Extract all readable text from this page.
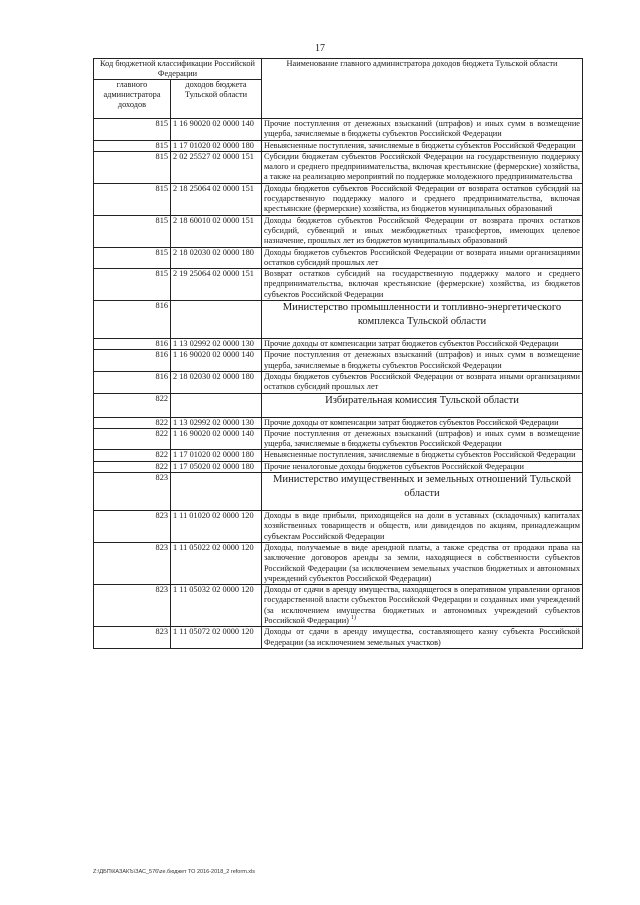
17
Код бюджетной классификации Российской Федерации		Наименование главного администратора доходов бюджета Тульской области
главного администратора доходов	доходов бюджета Тульской области	
815	1 16 90020 02 0000 140	Прочие поступления от денежных взысканий (штрафов) и иных сумм в возмещение ущерба, зачисляемые в бюджеты субъектов Российской Федерации
815	1 17 01020 02 0000 180	Невыясненные поступления, зачисляемые в бюджеты субъектов Российской Федерации
815	2 02 25527 02 0000 151	Субсидии бюджетам субъектов Российской Федерации на государственную поддержку малого и среднего предпринимательства, включая крестьянские (фермерские) хозяйства, а также на реализацию мероприятий по поддержке молодежного предпринимательства
815	2 18 25064 02 0000 151	Доходы бюджетов субъектов Российской Федерации от возврата остатков субсидий на государственную поддержку малого и среднего предпринимательства, включая крестьянские (фермерские) хозяйства, из бюджетов муниципальных образований
815	2 18 60010 02 0000 151	Доходы бюджетов субъектов Российской Федерации от возврата прочих остатков субсидий, субвенций и иных межбюджетных трансфертов, имеющих целевое назначение, прошлых лет из бюджетов муниципальных образований
815	2 18 02030 02 0000 180	Доходы бюджетов субъектов Российской Федерации от возврата иными организациями остатков субсидий прошлых лет
815	2 19 25064 02 0000 151	Возврат остатков субсидий на государственную поддержку малого и среднего предпринимательства, включая крестьянские (фермерские) хозяйства, из бюджетов субъектов Российской Федерации
816		Министерство промышленности и топливно-энергетического комплекса Тульской области
816	1 13 02992 02 0000 130	Прочие доходы от компенсации затрат бюджетов субъектов Российской Федерации
816	1 16 90020 02 0000 140	Прочие поступления от денежных взысканий (штрафов) и иных сумм в возмещение ущерба, зачисляемые в бюджеты субъектов Российской Федерации
816	2 18 02030 02 0000 180	Доходы бюджетов субъектов Российской Федерации от возврата иными организациями остатков субсидий прошлых лет
822		Избирательная комиссия Тульской области
822	1 13 02992 02 0000 130	Прочие доходы от компенсации затрат бюджетов субъектов Российской Федерации
822	1 16 90020 02 0000 140	Прочие поступления от денежных взысканий (штрафов) и иных сумм в возмещение ущерба, зачисляемые в бюджеты субъектов Российской Федерации
822	1 17 01020 02 0000 180	Невыясненные поступления, зачисляемые в бюджеты субъектов Российской Федерации
822	1 17 05020 02 0000 180	Прочие неналоговые доходы бюджетов субъектов Российской Федерации
823		Министерство имущественных и земельных отношений Тульской области
823	1 11 01020 02 0000 120	Доходы в виде прибыли, приходящейся на доли в уставных (складочных) капиталах хозяйственных товариществ и обществ, или дивидендов по акциям, принадлежащим субъектам Российской Федерации
823	1 11 05022 02 0000 120	Доходы, получаемые в виде арендной платы, а также средства от продажи права на заключение договоров аренды за земли, находящиеся в собственности субъектов Российской Федерации (за исключением земельных участков бюджетных и автономных учреждений субъектов Российской Федерации)
823	1 11 05032 02 0000 120	Доходы от сдачи в аренду имущества, находящегося в оперативном управлении органов государственной власти субъектов Российской Федерации и созданных ими учреждений (за исключением имущества бюджетных и автономных учреждений субъектов Российской Федерации) $^{1)}$
823	1 11 05072 02 0000 120	Доходы от сдачи в аренду имущества, составляющего казну субъекта Российской Федерации (за исключением земельных участков)
Z:\ДБП\КАЗАКЪ\ЗАС_576\ze.бюджет ТО 2016-2018_2 reform.xls
